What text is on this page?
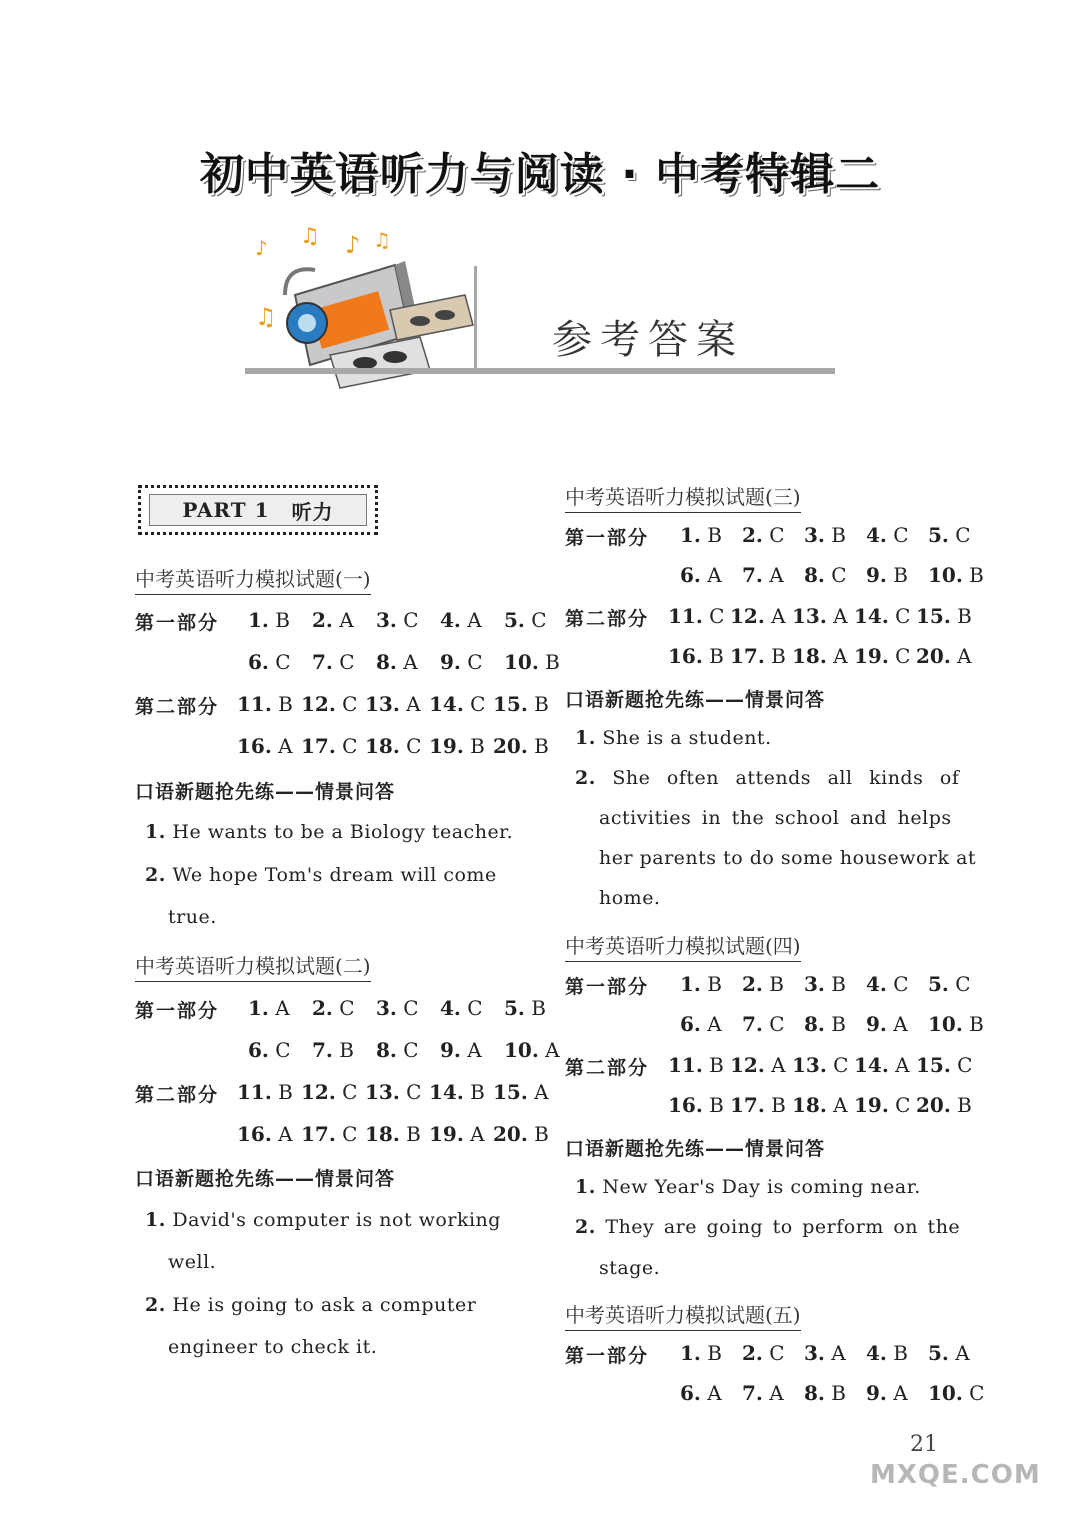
初中英语听力与阅读 · 中考特辑二
♪ ♫ ♪ ♫
♫	参考答案
PART 1 听力
中考英语听力模拟试题(一)
第一部分 1. B 2. A 3. C 4. A 5. C
6. C 7. C 8. A 9. C 10. B
第二部分 11. B 12. C 13. A 14. C 15. B
16. A 17. C 18. C 19. B 20. B
口语新题抢先练——情景问答
1. He wants to be a Biology teacher.
2. We hope Tom's dream will come
true.
中考英语听力模拟试题(二)
第一部分 1. A 2. C 3. C 4. C 5. B
6. C 7. B 8. C 9. A 10. A
第二部分 11. B 12. C 13. C 14. B 15. A
16. A 17. C 18. B 19. A 20. B
口语新题抢先练——情景问答
1. David's computer is not working
well.
2. He is going to ask a computer
engineer to check it.
中考英语听力模拟试题(三)
第一部分 1. B 2. C 3. B 4. C 5. C
6. A 7. A 8. C 9. B 10. B
第二部分 11. C 12. A 13. A 14. C 15. B
16. B 17. B 18. A 19. C 20. A
口语新题抢先练——情景问答
1. She is a student.
2. She often attends all kinds of
activities in the school and helps
her parents to do some housework at
home.
中考英语听力模拟试题(四)
第一部分 1. B 2. B 3. B 4. C 5. C
6. A 7. C 8. B 9. A 10. B
第二部分 11. B 12. A 13. C 14. A 15. C
16. B 17. B 18. A 19. C 20. B
口语新题抢先练——情景问答
1. New Year's Day is coming near.
2. They are going to perform on the
stage.
中考英语听力模拟试题(五)
第一部分 1. B 2. C 3. A 4. B 5. A
6. A 7. A 8. B 9. A 10. C
21
MXQE.COM
